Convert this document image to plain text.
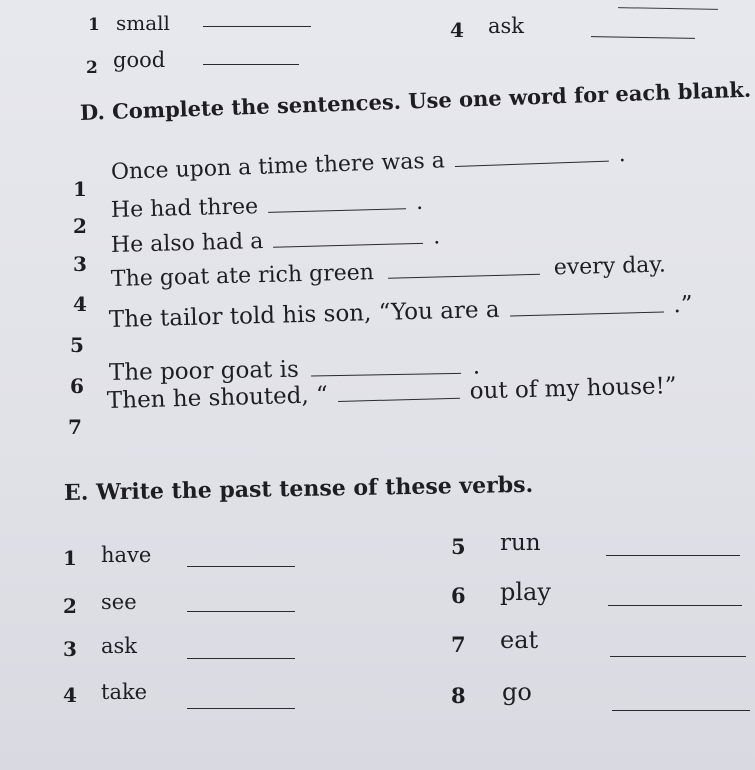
1 small
2 good
4 ask
D. Complete the sentences. Use one word for each blank.
1
Once upon a time there was a	.
2
He had three	.
3
He also had a	.
4
The goat ate rich green	every day.
5
The tailor told his son, “You are a	.”
6
The poor goat is	.
7
Then he shouted, “	out of my house!”
E. Write the past tense of these verbs.
1 have
2 see
3 ask
4 take
5 run
6 play
7 eat
8 go
